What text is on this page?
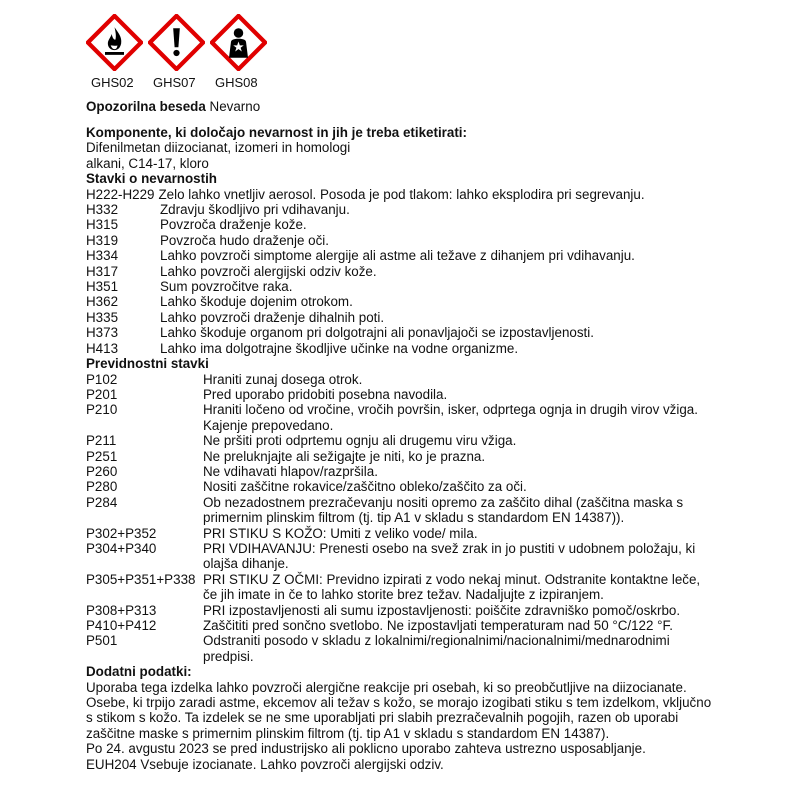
GHS02	GHS07	GHS08
Opozorilna beseda Nevarno
Komponente, ki določajo nevarnost in jih je treba etiketirati:
Difenilmetan diizocianat, izomeri in homologi
alkani, C14-17, kloro
Stavki o nevarnostih
H222-H229 Zelo lahko vnetljiv aerosol. Posoda je pod tlakom: lahko eksplodira pri segrevanju.
H332	Zdravju škodljivo pri vdihavanju.
H315	Povzroča draženje kože.
H319	Povzroča hudo draženje oči.
H334	Lahko povzroči simptome alergije ali astme ali težave z dihanjem pri vdihavanju.
H317	Lahko povzroči alergijski odziv kože.
H351	Sum povzročitve raka.
H362	Lahko škoduje dojenim otrokom.
H335	Lahko povzroči draženje dihalnih poti.
H373	Lahko škoduje organom pri dolgotrajni ali ponavljajoči se izpostavljenosti.
H413	Lahko ima dolgotrajne škodljive učinke na vodne organizme.
Previdnostni stavki
P102	Hraniti zunaj dosega otrok.
P201	Pred uporabo pridobiti posebna navodila.
P210	Hraniti ločeno od vročine, vročih površin, isker, odprtega ognja in drugih virov vžiga. Kajenje prepovedano.
P211	Ne pršiti proti odprtemu ognju ali drugemu viru vžiga.
P251	Ne preluknjajte ali sežigajte je niti, ko je prazna.
P260	Ne vdihavati hlapov/razpršila.
P280	Nositi zaščitne rokavice/zaščitno obleko/zaščito za oči.
P284	Ob nezadostnem prezračevanju nositi opremo za zaščito dihal (zaščitna maska s primernim plinskim filtrom (tj. tip A1 v skladu s standardom EN 14387)).
P302+P352	PRI STIKU S KOŽO: Umiti z veliko vode/ mila.
P304+P340	PRI VDIHAVANJU: Prenesti osebo na svež zrak in jo pustiti v udobnem položaju, ki olajša dihanje.
P305+P351+P338 PRI STIKU Z OČMI: Previdno izpirati z vodo nekaj minut. Odstranite kontaktne leče, če jih imate in če to lahko storite brez težav. Nadaljujte z izpiranjem.
P308+P313	PRI izpostavljenosti ali sumu izpostavljenosti: poiščite zdravniško pomoč/oskrbo.
P410+P412	Zaščititi pred sončno svetlobo. Ne izpostavljati temperaturam nad 50 °C/122 °F.
P501	Odstraniti posodo v skladu z lokalnimi/regionalnimi/nacionalnimi/mednarodnimi predpisi.
Dodatni podatki:
Uporaba tega izdelka lahko povzroči alergične reakcije pri osebah, ki so preobčutljive na diizocianate. Osebe, ki trpijo zaradi astme, ekcemov ali težav s kožo, se morajo izogibati stiku s tem izdelkom, vključno s stikom s kožo. Ta izdelek se ne sme uporabljati pri slabih prezračevalnih pogojih, razen ob uporabi zaščitne maske s primernim plinskim filtrom (tj. tip A1 v skladu s standardom EN 14387).
Po 24. avgustu 2023 se pred industrijsko ali poklicno uporabo zahteva ustrezno usposabljanje.
EUH204 Vsebuje izocianate. Lahko povzroči alergijski odziv.
